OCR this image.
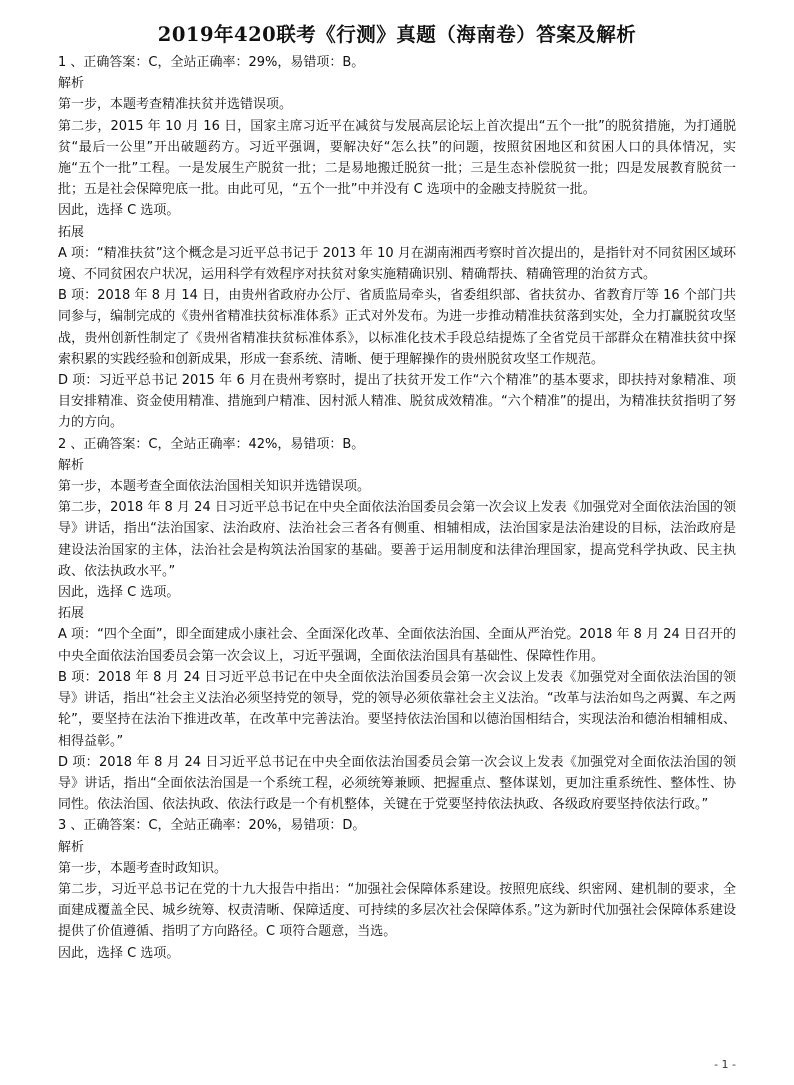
2019年420联考《行测》真题（海南卷）答案及解析

1 、正确答案：C，全站正确率：29%，易错项：B。

解析

第一步，本题考查精准扶贫并选错误项。

第二步，2015 年 10 月 16 日，国家主席习近平在减贫与发展高层论坛上首次提出“五个一批”的脱贫措施，为打通脱贫“最后一公里”开出破题药方。习近平强调，要解决好“怎么扶”的问题，按照贫困地区和贫困人口的具体情况，实施“五个一批”工程。一是发展生产脱贫一批；二是易地搬迁脱贫一批；三是生态补偿脱贫一批；四是发展教育脱贫一批；五是社会保障兜底一批。由此可见，“五个一批”中并没有 C 选项中的金融支持脱贫一批。

因此，选择 C 选项。

拓展

A 项：“精准扶贫”这个概念是习近平总书记于 2013 年 10 月在湖南湘西考察时首次提出的，是指针对不同贫困区域环境、不同贫困农户状况，运用科学有效程序对扶贫对象实施精确识别、精确帮扶、精确管理的治贫方式。

B 项：2018 年 8 月 14 日，由贵州省政府办公厅、省质监局牵头，省委组织部、省扶贫办、省教育厅等 16 个部门共同参与，编制完成的《贵州省精准扶贫标准体系》正式对外发布。为进一步推动精准扶贫落到实处，全力打赢脱贫攻坚战，贵州创新性制定了《贵州省精准扶贫标准体系》，以标准化技术手段总结提炼了全省党员干部群众在精准扶贫中探索积累的实践经验和创新成果，形成一套系统、清晰、便于理解操作的贵州脱贫攻坚工作规范。

D 项：习近平总书记 2015 年 6 月在贵州考察时，提出了扶贫开发工作“六个精准”的基本要求，即扶持对象精准、项目安排精准、资金使用精准、措施到户精准、因村派人精准、脱贫成效精准。“六个精准”的提出，为精准扶贫指明了努力的方向。

2 、正确答案：C，全站正确率：42%，易错项：B。

解析

第一步，本题考查全面依法治国相关知识并选错误项。

第二步，2018 年 8 月 24 日习近平总书记在中央全面依法治国委员会第一次会议上发表《加强党对全面依法治国的领导》讲话，指出“法治国家、法治政府、法治社会三者各有侧重、相辅相成，法治国家是法治建设的目标，法治政府是建设法治国家的主体，法治社会是构筑法治国家的基础。要善于运用制度和法律治理国家，提高党科学执政、民主执政、依法执政水平。”

因此，选择 C 选项。

拓展

A 项：“四个全面”，即全面建成小康社会、全面深化改革、全面依法治国、全面从严治党。2018 年 8 月 24 日召开的中央全面依法治国委员会第一次会议上，习近平强调，全面依法治国具有基础性、保障性作用。

B 项：2018 年 8 月 24 日习近平总书记在中央全面依法治国委员会第一次会议上发表《加强党对全面依法治国的领导》讲话，指出“社会主义法治必须坚持党的领导，党的领导必须依靠社会主义法治。“改革与法治如鸟之两翼、车之两轮”，要坚持在法治下推进改革，在改革中完善法治。要坚持依法治国和以德治国相结合，实现法治和德治相辅相成、相得益彰。”

D 项：2018 年 8 月 24 日习近平总书记在中央全面依法治国委员会第一次会议上发表《加强党对全面依法治国的领导》讲话，指出“全面依法治国是一个系统工程，必须统筹兼顾、把握重点、整体谋划，更加注重系统性、整体性、协同性。依法治国、依法执政、依法行政是一个有机整体，关键在于党要坚持依法执政、各级政府要坚持依法行政。”

3 、正确答案：C，全站正确率：20%，易错项：D。

解析

第一步，本题考查时政知识。

第二步，习近平总书记在党的十九大报告中指出：“加强社会保障体系建设。按照兜底线、织密网、建机制的要求，全面建成覆盖全民、城乡统筹、权责清晰、保障适度、可持续的多层次社会保障体系。”这为新时代加强社会保障体系建设提供了价值遵循、指明了方向路径。C 项符合题意，当选。

因此，选择 C 选项。

- 1 -
